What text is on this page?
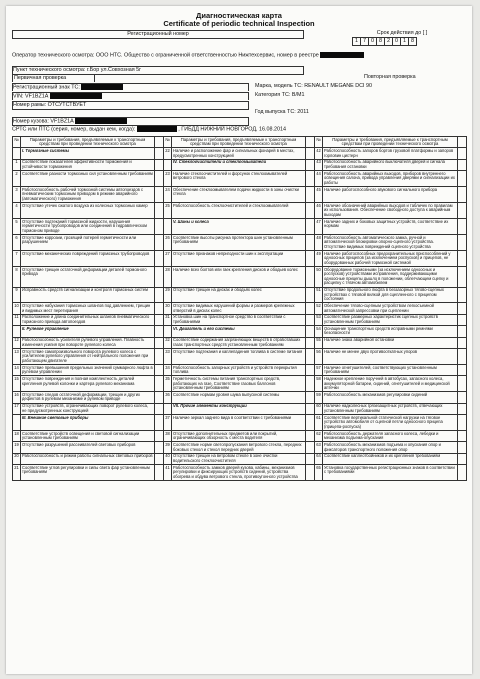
Диагностическая карта
Certificate of periodic technical Inspection
Регистрационный номер	Срок действия до [ ]
1 7 0 8 2 0 1 8
Оператор технического осмотра: ООО НТС. Общество с ограниченной ответственностью Нижтехсервис, номер в реестре
Пункт технического осмотра: г.Бор ул.Совхозная 5г
Первичная проверка	Повторная проверка
Регистрационный знак ТС:	Марка, модель ТС: RENAULT MEGANE DCI 90
VIN: VF1BZ1A	Категория ТС: B/M1
Номер рамы: ОТСУТСТВУЕТ
Год выпуска ТС: 2011
Номер кузова: VF1BZ1A
СРТС или ПТС (серия, номер, выдан кем, когда):	, ГИБДД НИЖНИЙ НОВГОРОД, 16.08.2014
№	Параметры и требования, предъявляемые к транспортным средствам при проведении технического осмотра		№	Параметры и требования, предъявляемые к транспортным средствам при проведении технического осмотра		№	Параметры и требования, предъявляемые к транспортным средствам при проведении технического осмотра	
	I. Тормозные системы		22	Наличие и расположение фар и сигнальных фонарей в местах, предусмотренных конструкцией		42	Работоспособность запоров бортов грузовой платформы и запоров горловин цистерн	
1	Соответствие показателей эффективности торможения и устойчивости торможения			IV. Стеклоочистители и стеклоомыватели		43	Работоспособность аварийного выключателя дверей и сигнала требования остановки	
2	Соответствие разности тормозных сил установленным требованиям		23	Наличие стеклоочистителей и форсунок стеклоомывателей ветрового стекла		44	Работоспособность аварийных выходов, приборов внутреннего освещения салона, привода управления дверями и сигнализации их работы	
3	Работоспособность рабочей тормозной системы автопоездов с пневматическим тормозным приводом в режиме аварийного (автоматического) торможения		24	Обеспечение стеклоомывателем подачи жидкости в зоны очистки стекла		45	Наличие работоспособного звукового сигнального прибора	
4	Отсутствие утечек сжатого воздуха из колесных тормозных камер		25	Работоспособность стеклоочистителей и стеклоомывателей		46	Наличие обозначений аварийных выходов и табличек по правилам их использования. Обеспечение свободного доступа к аварийным выходам	
5	Отсутствие подтеканий тормозной жидкости, нарушения герметичности трубопроводов или соединений в гидравлическом тормозном приводе			V. Шины и колеса		47	Наличие задних и боковых защитных устройств, соответствие их нормам	
6	Отсутствие коррозии, грозящей потерей герметичности или разрушением		26	Соответствие высоты рисунка протектора шин установленным требованиям		48	Работоспособность автоматического замка, ручной и автоматической блокировки опорно-сцепного устройства. Отсутствие видимых повреждений сцепного устройства	
7	Отсутствие механических повреждений тормозных трубопроводов		27	Отсутствие признаков непригодности шин к эксплуатации		49	Наличие работоспособных предохранительных приспособлений у одноосных прицепов (за исключением роспусков) и прицепов, не оборудованных рабочей тормозной системой	
8	Отсутствие трещин остаточной деформации деталей тормозного привода		28	Наличие всех болтов или гаек крепления дисков и ободьев колес		50	Оборудование тормозными (за исключением одноосных и роспусков) устройствами исправления, поддерживающими одноосные прицепы дышло в положении, облегчающем сцепку и расцепку с тягачом автомобилем	
9	Исправность средств сигнализации и контроля тормозных систем		29	Отсутствие трещин на дисках и ободьях колес		51	Отсутствие продольного люфта в беззазорных тягово-сцепных устройствах с тяговой вилкой для сцепленного с прицепом состояния	
10	Отсутствие набухания тормозных шлангов под давлением, трещин и видимых мест перетирания		30	Отсутствие видимых нарушений формы и размеров крепежных отверстий в дисках колес		52	Обеспечение тягово-сцепным устройством легкосъемной автоматической запрессовки при сцеплении	
11	Расположение и длина соединительных шлангов пневматического тормозного привода автопоездов		31	Установка шин на транспортное средство в соответствии с требованиями		53	Соответствие размерных характеристик сцепных устройств установленным требованиям	
	II. Рулевое управление			VI. Двигатель и его системы		54	Оснащение транспортных средств исправными ремнями безопасности	
12	Работоспособность усилителя рулевого управления. Плавность изменения усилия при повороте рулевого колеса		32	Соответствие содержания загрязняющих веществ в отработавших газах транспортных средств установленным требованиям		55	Наличие знака аварийной остановки	
13	Отсутствие самопроизвольного поворота рулевого колеса с усилителем рулевого управления от нейтрального положения при работающем двигателе		33	Отсутствие подтекания и каплепадения топлива в системе питания		56	Наличие не менее двух противооткатных упоров	
14	Отсутствие превышения предельных значений суммарного люфта в рулевом управлении		34	Работоспособность запорных устройств и устройств перекрытия топлива		57	Наличие огнетушителей, соответствующих установленным требованиям	
15	Отсутствие повреждения и полная комплектность деталей крепления рулевой колонки и картера рулевого механизма		35	Герметичность системы питания транспортных средств, работающих на газе. Соответствие газовых баллонов установленным требованиям		58	Надежное крепление поручней в автобусах, запасного колеса, аккумуляторной батареи, сидений, огнетушителей и медицинской аптечки	
16	Отсутствие следов остаточной деформации, трещин и других дефектов в рулевом механизме и рулевом приводе		36	Соответствие нормам уровня шума выпускной системы		59	Работоспособность механизмов регулировки сидений	
17	Отсутствие устройств, ограничивающих поворот рулевого колеса, не предусмотренных конструкцией			VII. Прочие элементы конструкции		60	Наличие надколесных грязезащитных устройств, отвечающих установленным требованиям	
	III. Внешние световые приборы		37	Наличие зеркал заднего вида в соответствии с требованиями		61	Соответствие вертикальной статической нагрузки на тяговое устройство автомобиля от сцепной петли одноосного прицепа (прицепа-роспуска)	
18	Соответствие устройств освещения и световой сигнализации установленным требованиям		38	Отсутствие дополнительных предметов или покрытий, ограничивающих обзорность с места водителя		62	Работоспособность держателя запасного колеса, лебедки и механизма подъема-опускания	
19	Отсутствие разрушений рассеивателей световых приборов		39	Соответствие норме светопропускания ветрового стекла, передних боковых стекол и стекол передних дверей		63	Работоспособность механизмов подъема и опускания опор и фиксаторов транспортного положения опор	
20	Работоспособность и режим работы сигнальных световых приборов		40	Отсутствие трещин на ветровом стекле в зоне очистки водительского стеклоочистителя		64	Соответствие каплеотбойников и их крепления требованиям	
21	Соответствие углов регулировки и силы света фар установленным требованиям		41	Работоспособность замков дверей кузова, кабины, механизмов регулировки и фиксирующих устройств сидений, устройства обогрева и обдува ветрового стекла, противоугонного устройства		65	Установка государственных регистрационных знаков в соответствии с требованиями	
